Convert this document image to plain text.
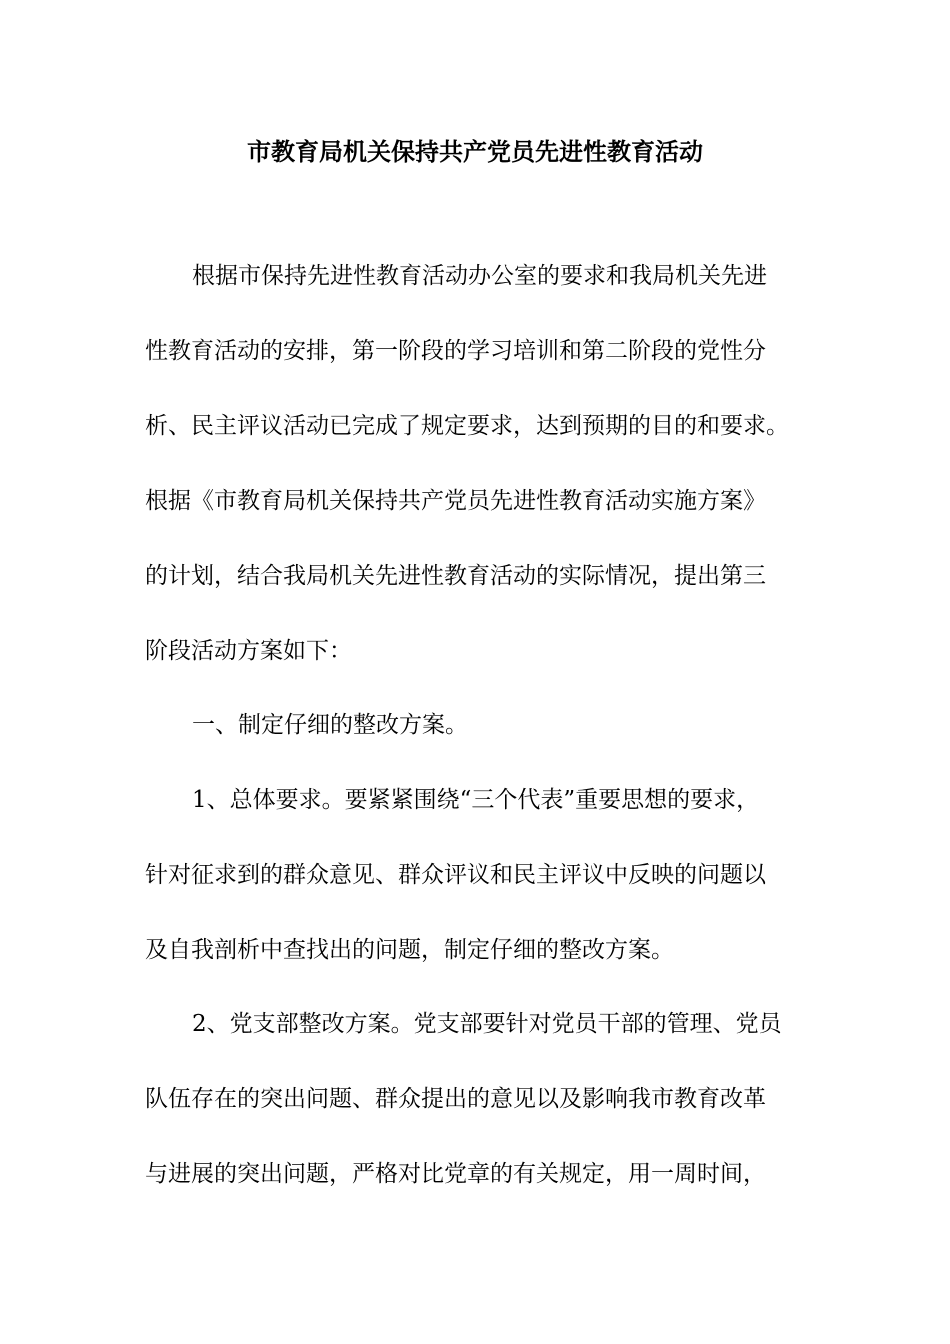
市教育局机关保持共产党员先进性教育活动
根据市保持先进性教育活动办公室的要求和我局机关先进
性教育活动的安排，第一阶段的学习培训和第二阶段的党性分
析、民主评议活动已完成了规定要求，达到预期的目的和要求。
根据《市教育局机关保持共产党员先进性教育活动实施方案》
的计划，结合我局机关先进性教育活动的实际情况，提出第三
阶段活动方案如下：
一、制定仔细的整改方案。
1、总体要求。要紧紧围绕“三个代表”重要思想的要求，
针对征求到的群众意见、群众评议和民主评议中反映的问题以
及自我剖析中查找出的问题，制定仔细的整改方案。
2、党支部整改方案。党支部要针对党员干部的管理、党员
队伍存在的突出问题、群众提出的意见以及影响我市教育改革
与进展的突出问题，严格对比党章的有关规定，用一周时间，
